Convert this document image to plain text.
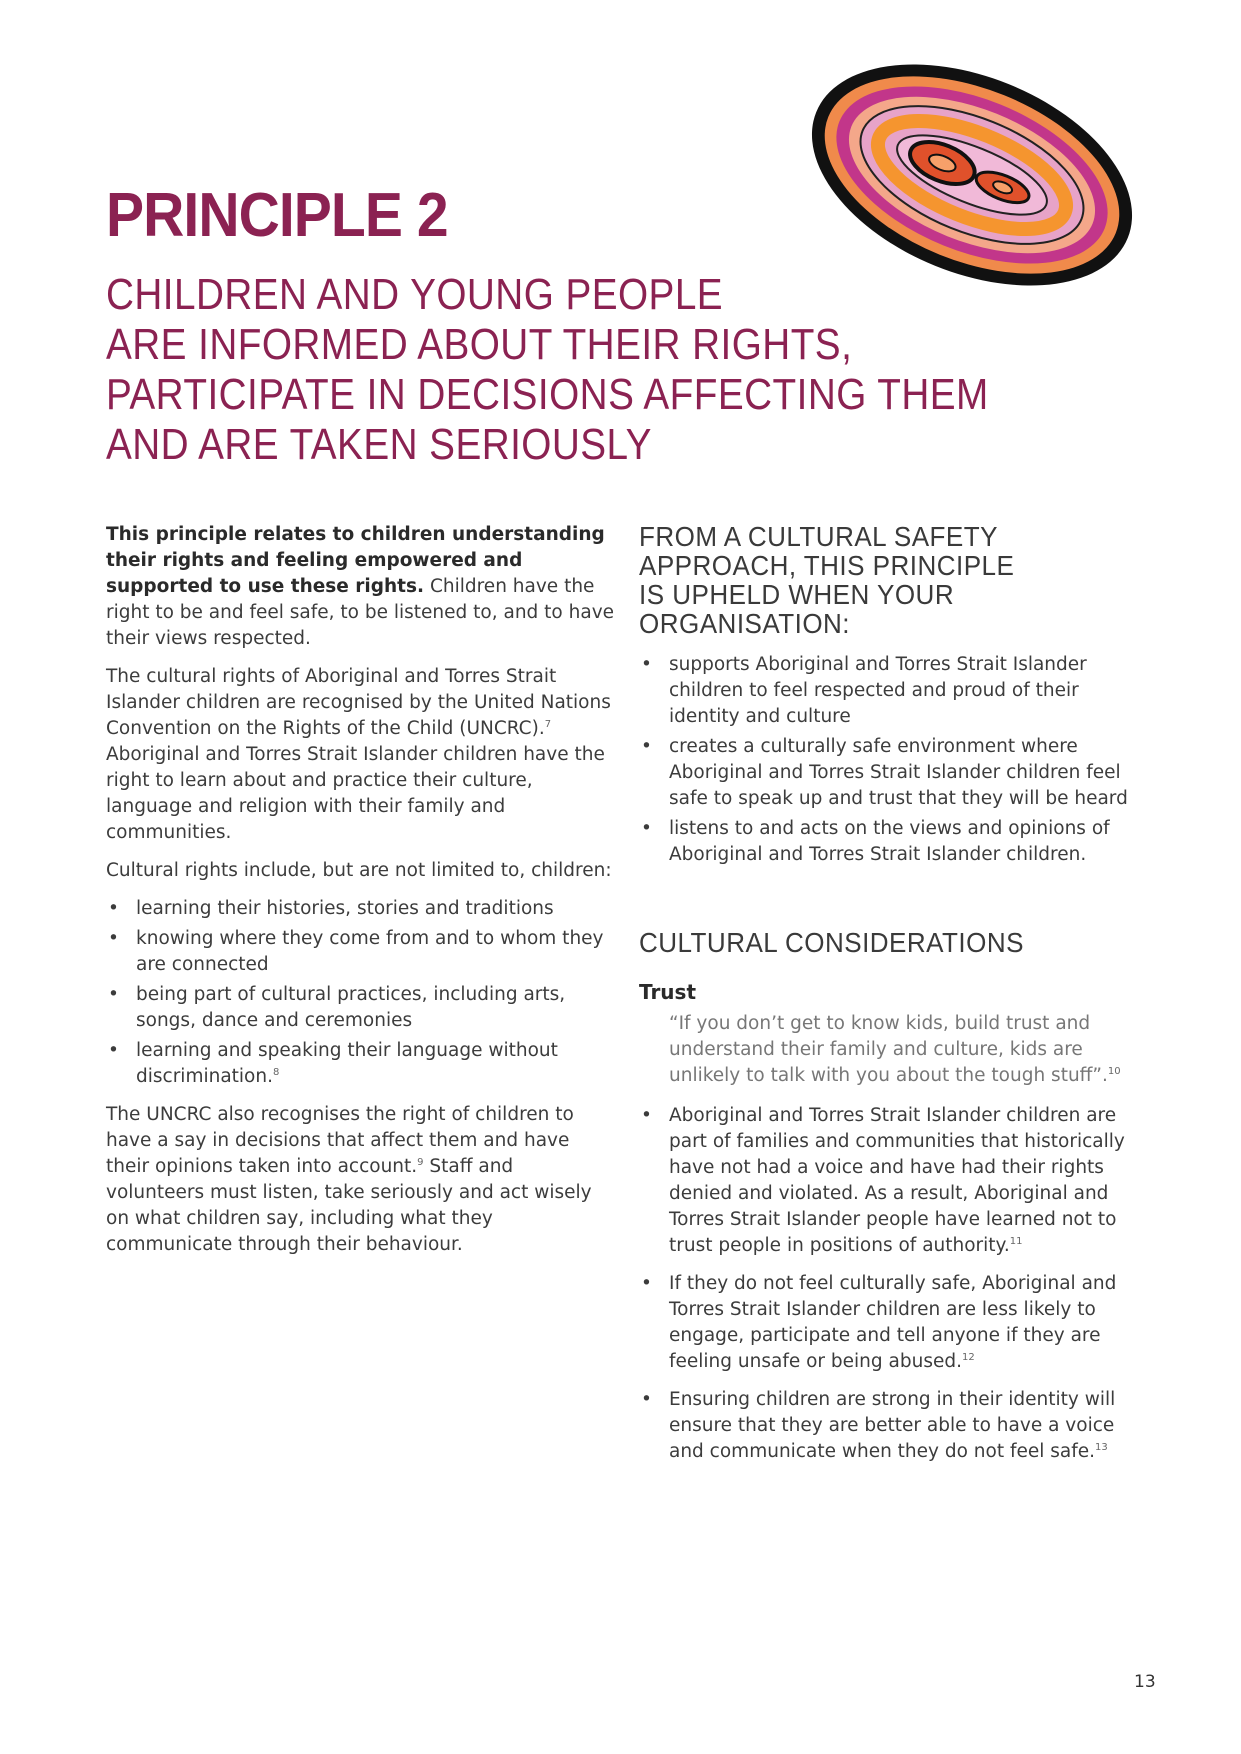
PRINCIPLE 2
CHILDREN AND YOUNG PEOPLE
ARE INFORMED ABOUT THEIR RIGHTS,
PARTICIPATE IN DECISIONS AFFECTING THEM
AND ARE TAKEN SERIOUSLY

This principle relates to children understanding their rights and feeling empowered and supported to use these rights. Children have the right to be and feel safe, to be listened to, and to have their views respected.

The cultural rights of Aboriginal and Torres Strait Islander children are recognised by the United Nations Convention on the Rights of the Child (UNCRC).$^7$ Aboriginal and Torres Strait Islander children have the right to learn about and practice their culture, language and religion with their family and communities.

Cultural rights include, but are not limited to, children:

• learning their histories, stories and traditions
• knowing where they come from and to whom they are connected
• being part of cultural practices, including arts, songs, dance and ceremonies
• learning and speaking their language without discrimination.$^8$

The UNCRC also recognises the right of children to have a say in decisions that affect them and have their opinions taken into account.$^9$ Staff and volunteers must listen, take seriously and act wisely on what children say, including what they communicate through their behaviour.

FROM A CULTURAL SAFETY
APPROACH, THIS PRINCIPLE
IS UPHELD WHEN YOUR
ORGANISATION:
• supports Aboriginal and Torres Strait Islander children to feel respected and proud of their identity and culture
• creates a culturally safe environment where Aboriginal and Torres Strait Islander children feel safe to speak up and trust that they will be heard
• listens to and acts on the views and opinions of Aboriginal and Torres Strait Islander children.
CULTURAL CONSIDERATIONS
Trust

“If you don’t get to know kids, build trust and understand their family and culture, kids are unlikely to talk with you about the tough stuff”.$^{10}$

• Aboriginal and Torres Strait Islander children are part of families and communities that historically have not had a voice and have had their rights denied and violated. As a result, Aboriginal and Torres Strait Islander people have learned not to trust people in positions of authority.$^{11}$
• If they do not feel culturally safe, Aboriginal and Torres Strait Islander children are less likely to engage, participate and tell anyone if they are feeling unsafe or being abused.$^{12}$
• Ensuring children are strong in their identity will ensure that they are better able to have a voice and communicate when they do not feel safe.$^{13}$
13
